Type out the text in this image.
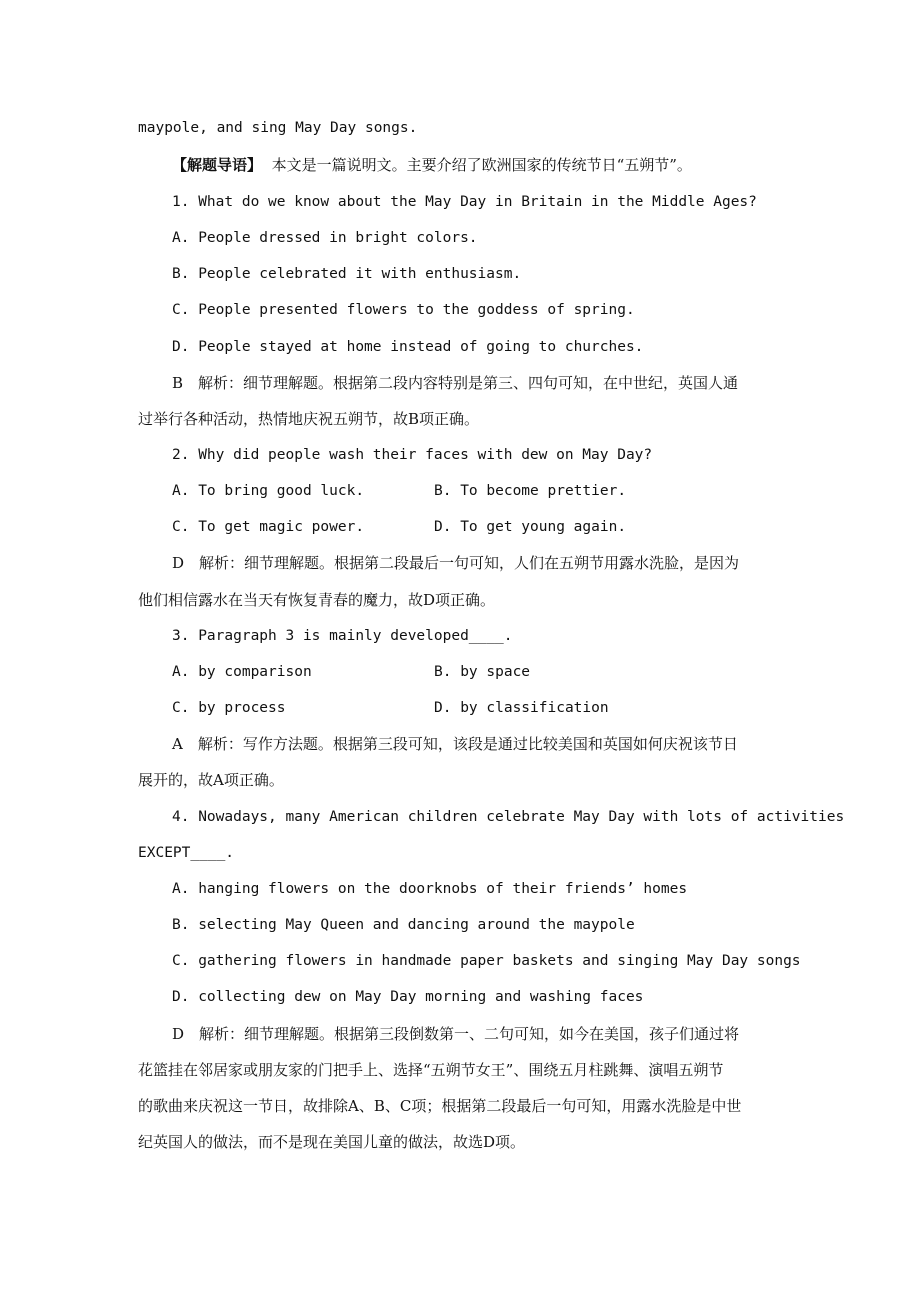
maypole, and sing May Day songs.
【解题导语】 本文是一篇说明文。主要介绍了欧洲国家的传统节日“五朔节”。
1. What do we know about the May Day in Britain in the Middle Ages?
A. People dressed in bright colors.
B. People celebrated it with enthusiasm.
C. People presented flowers to the goddess of spring.
D. People stayed at home instead of going to churches.
B　解析：细节理解题。根据第二段内容特别是第三、四句可知，在中世纪，英国人通
过举行各种活动，热情地庆祝五朔节，故B项正确。
2. Why did people wash their faces with dew on May Day?
A. To bring good luck.	B. To become prettier.
C. To get magic power.	D. To get young again.
D　解析：细节理解题。根据第二段最后一句可知，人们在五朔节用露水洗脸，是因为
他们相信露水在当天有恢复青春的魔力，故D项正确。
3. Paragraph 3 is mainly developed____.
A. by comparison	B. by space
C. by process	D. by classification
A　解析：写作方法题。根据第三段可知，该段是通过比较美国和英国如何庆祝该节日
展开的，故A项正确。
4. Nowadays, many American children celebrate May Day with lots of activities
EXCEPT____.
A. hanging flowers on the doorknobs of their friends’ homes
B. selecting May Queen and dancing around the maypole
C. gathering flowers in handmade paper baskets and singing May Day songs
D. collecting dew on May Day morning and washing faces
D　解析：细节理解题。根据第三段倒数第一、二句可知，如今在美国，孩子们通过将
花篮挂在邻居家或朋友家的门把手上、选择“五朔节女王”、围绕五月柱跳舞、演唱五朔节
的歌曲来庆祝这一节日，故排除A、B、C项；根据第二段最后一句可知，用露水洗脸是中世
纪英国人的做法，而不是现在美国儿童的做法，故选D项。
